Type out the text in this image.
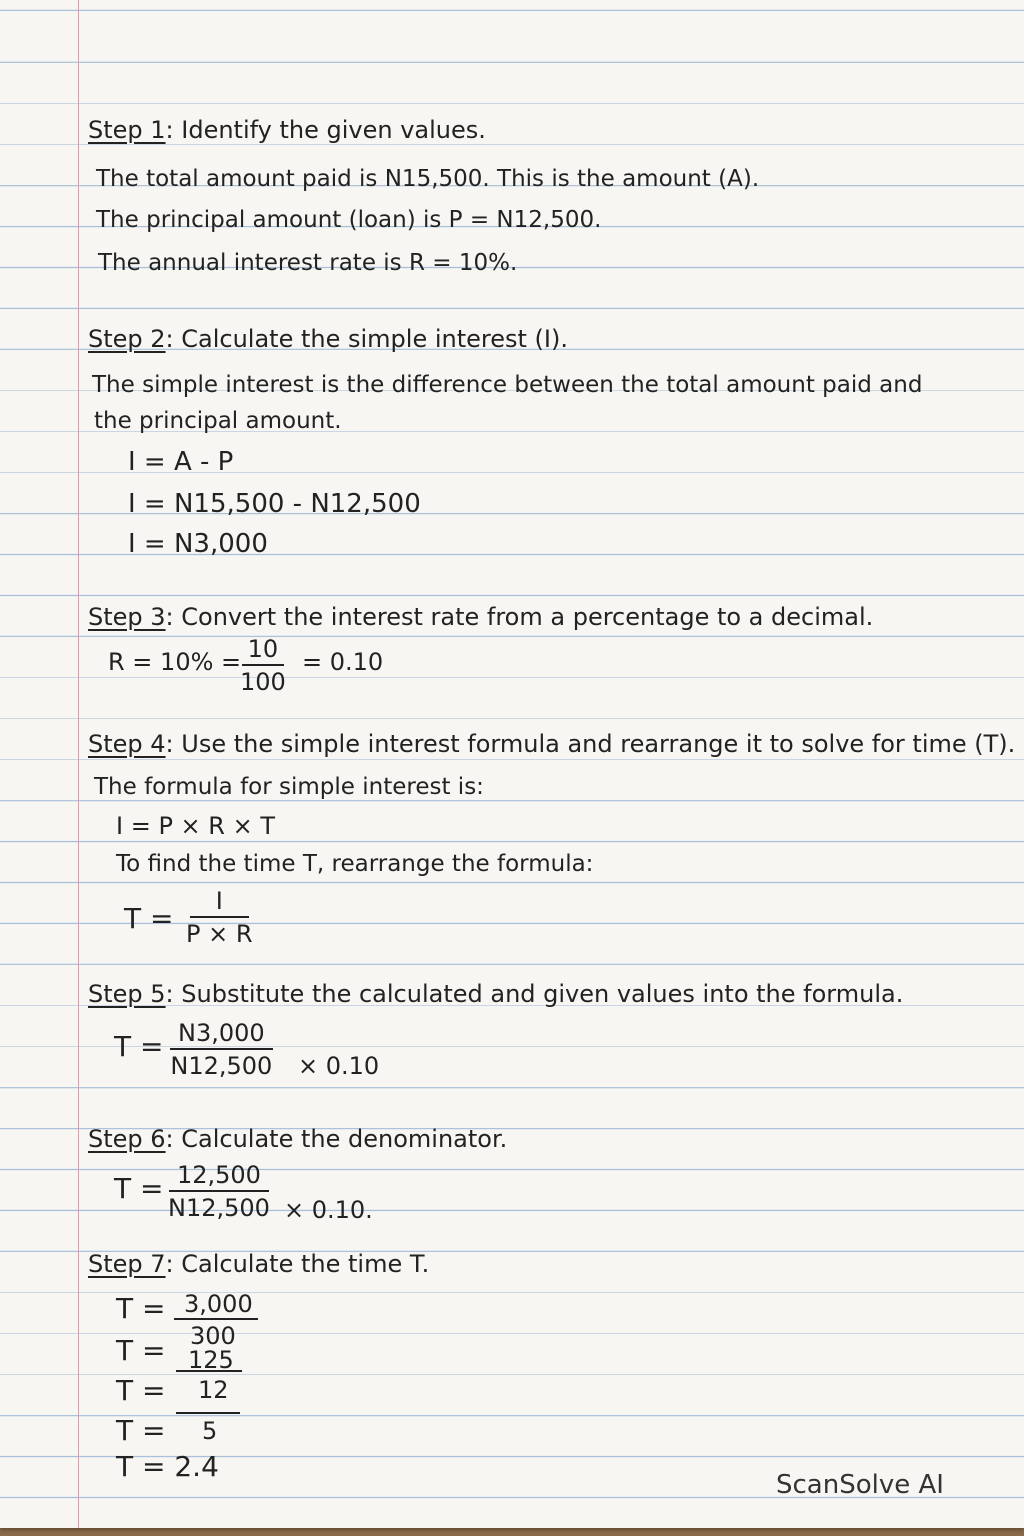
Step 1: Identify the given values.
The total amount paid is N15,500. This is the amount (A).
The principal amount (loan) is P = N12,500.
The annual interest rate is R = 10%.
Step 2: Calculate the simple interest (I).
The simple interest is the difference between the total amount paid and
the principal amount.
I = A - P
I = N15,500 - N12,500
I = N3,000
Step 3: Convert the interest rate from a percentage to a decimal.
R = 10% =
$\frac{10}{100} = 0.10$
Step 4: Use the simple interest formula and rearrange it to solve for time (T).
The formula for simple interest is:
I = P × R × T
To find the time T, rearrange the formula:
$T = \frac{I}{P \times R}$
Step 5: Substitute the calculated and given values into the formula.
$T = \frac{N3,000}{N12,500} \times 0.10$
Step 6: Calculate the denominator.
$T = \frac{12,500}{N12,500} \times 0.10$.
Step 7: Calculate the time T.
T = 3,000
T = 300
125
T = 12
T = 5
T = 2.4
ScanSolve AI
